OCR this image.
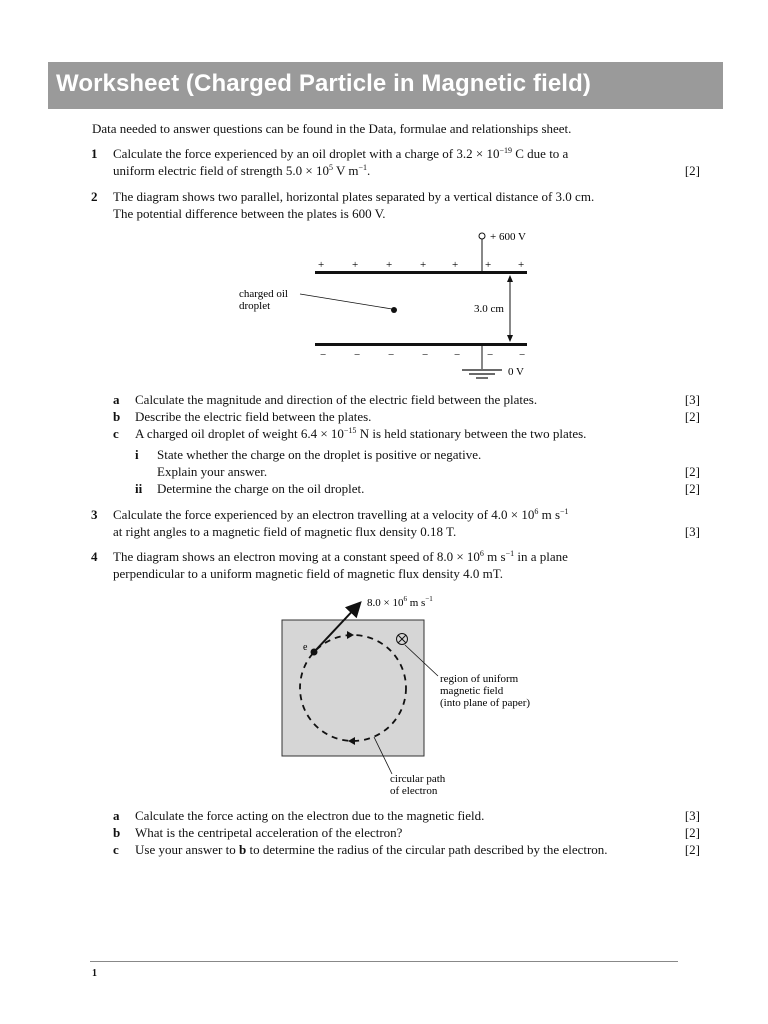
Worksheet (Charged Particle in Magnetic field)
Data needed to answer questions can be found in the Data, formulae and relationships sheet.
1 Calculate the force experienced by an oil droplet with a charge of $3.2 \times 10^{-19}$ C due to a
uniform electric field of strength $5.0 \times 10^5$ V $m^{-1}$.	[2]
2 The diagram shows two parallel, horizontal plates separated by a vertical distance of 3.0 cm.
The potential difference between the plates is 600 V.
+ 600 V
+	+	+	+ + + +
−	−	−	− − − −
3.0 cm
charged oil
droplet
0 V
a Calculate the magnitude and direction of the electric field between the plates.	[3]
b Describe the electric field between the plates.	[2]
c A charged oil droplet of weight $6.4 \times 10^{-15}$ N is held stationary between the two plates.
i State whether the charge on the droplet is positive or negative.
Explain your answer.	[2]
ii Determine the charge on the oil droplet.	[2]
3 Calculate the force experienced by an electron travelling at a velocity of $4.0 \times 10^6$ m $s^{-1}$
at right angles to a magnetic field of magnetic flux density 0.18 T.	[3]
4 The diagram shows an electron moving at a constant speed of $8.0 \times 10^6$ m $s^{-1}$ in a plane
perpendicular to a uniform magnetic field of magnetic flux density 4.0 mT.
e
$8.0 \times 10^6$ m $s^{-1}$
region of uniform
magnetic field
(into plane of paper)
circular path
of electron
a Calculate the force acting on the electron due to the magnetic field.	[3]
b What is the centripetal acceleration of the electron?	[2]
c Use your answer to b to determine the radius of the circular path described by the electron.	[2]
1
